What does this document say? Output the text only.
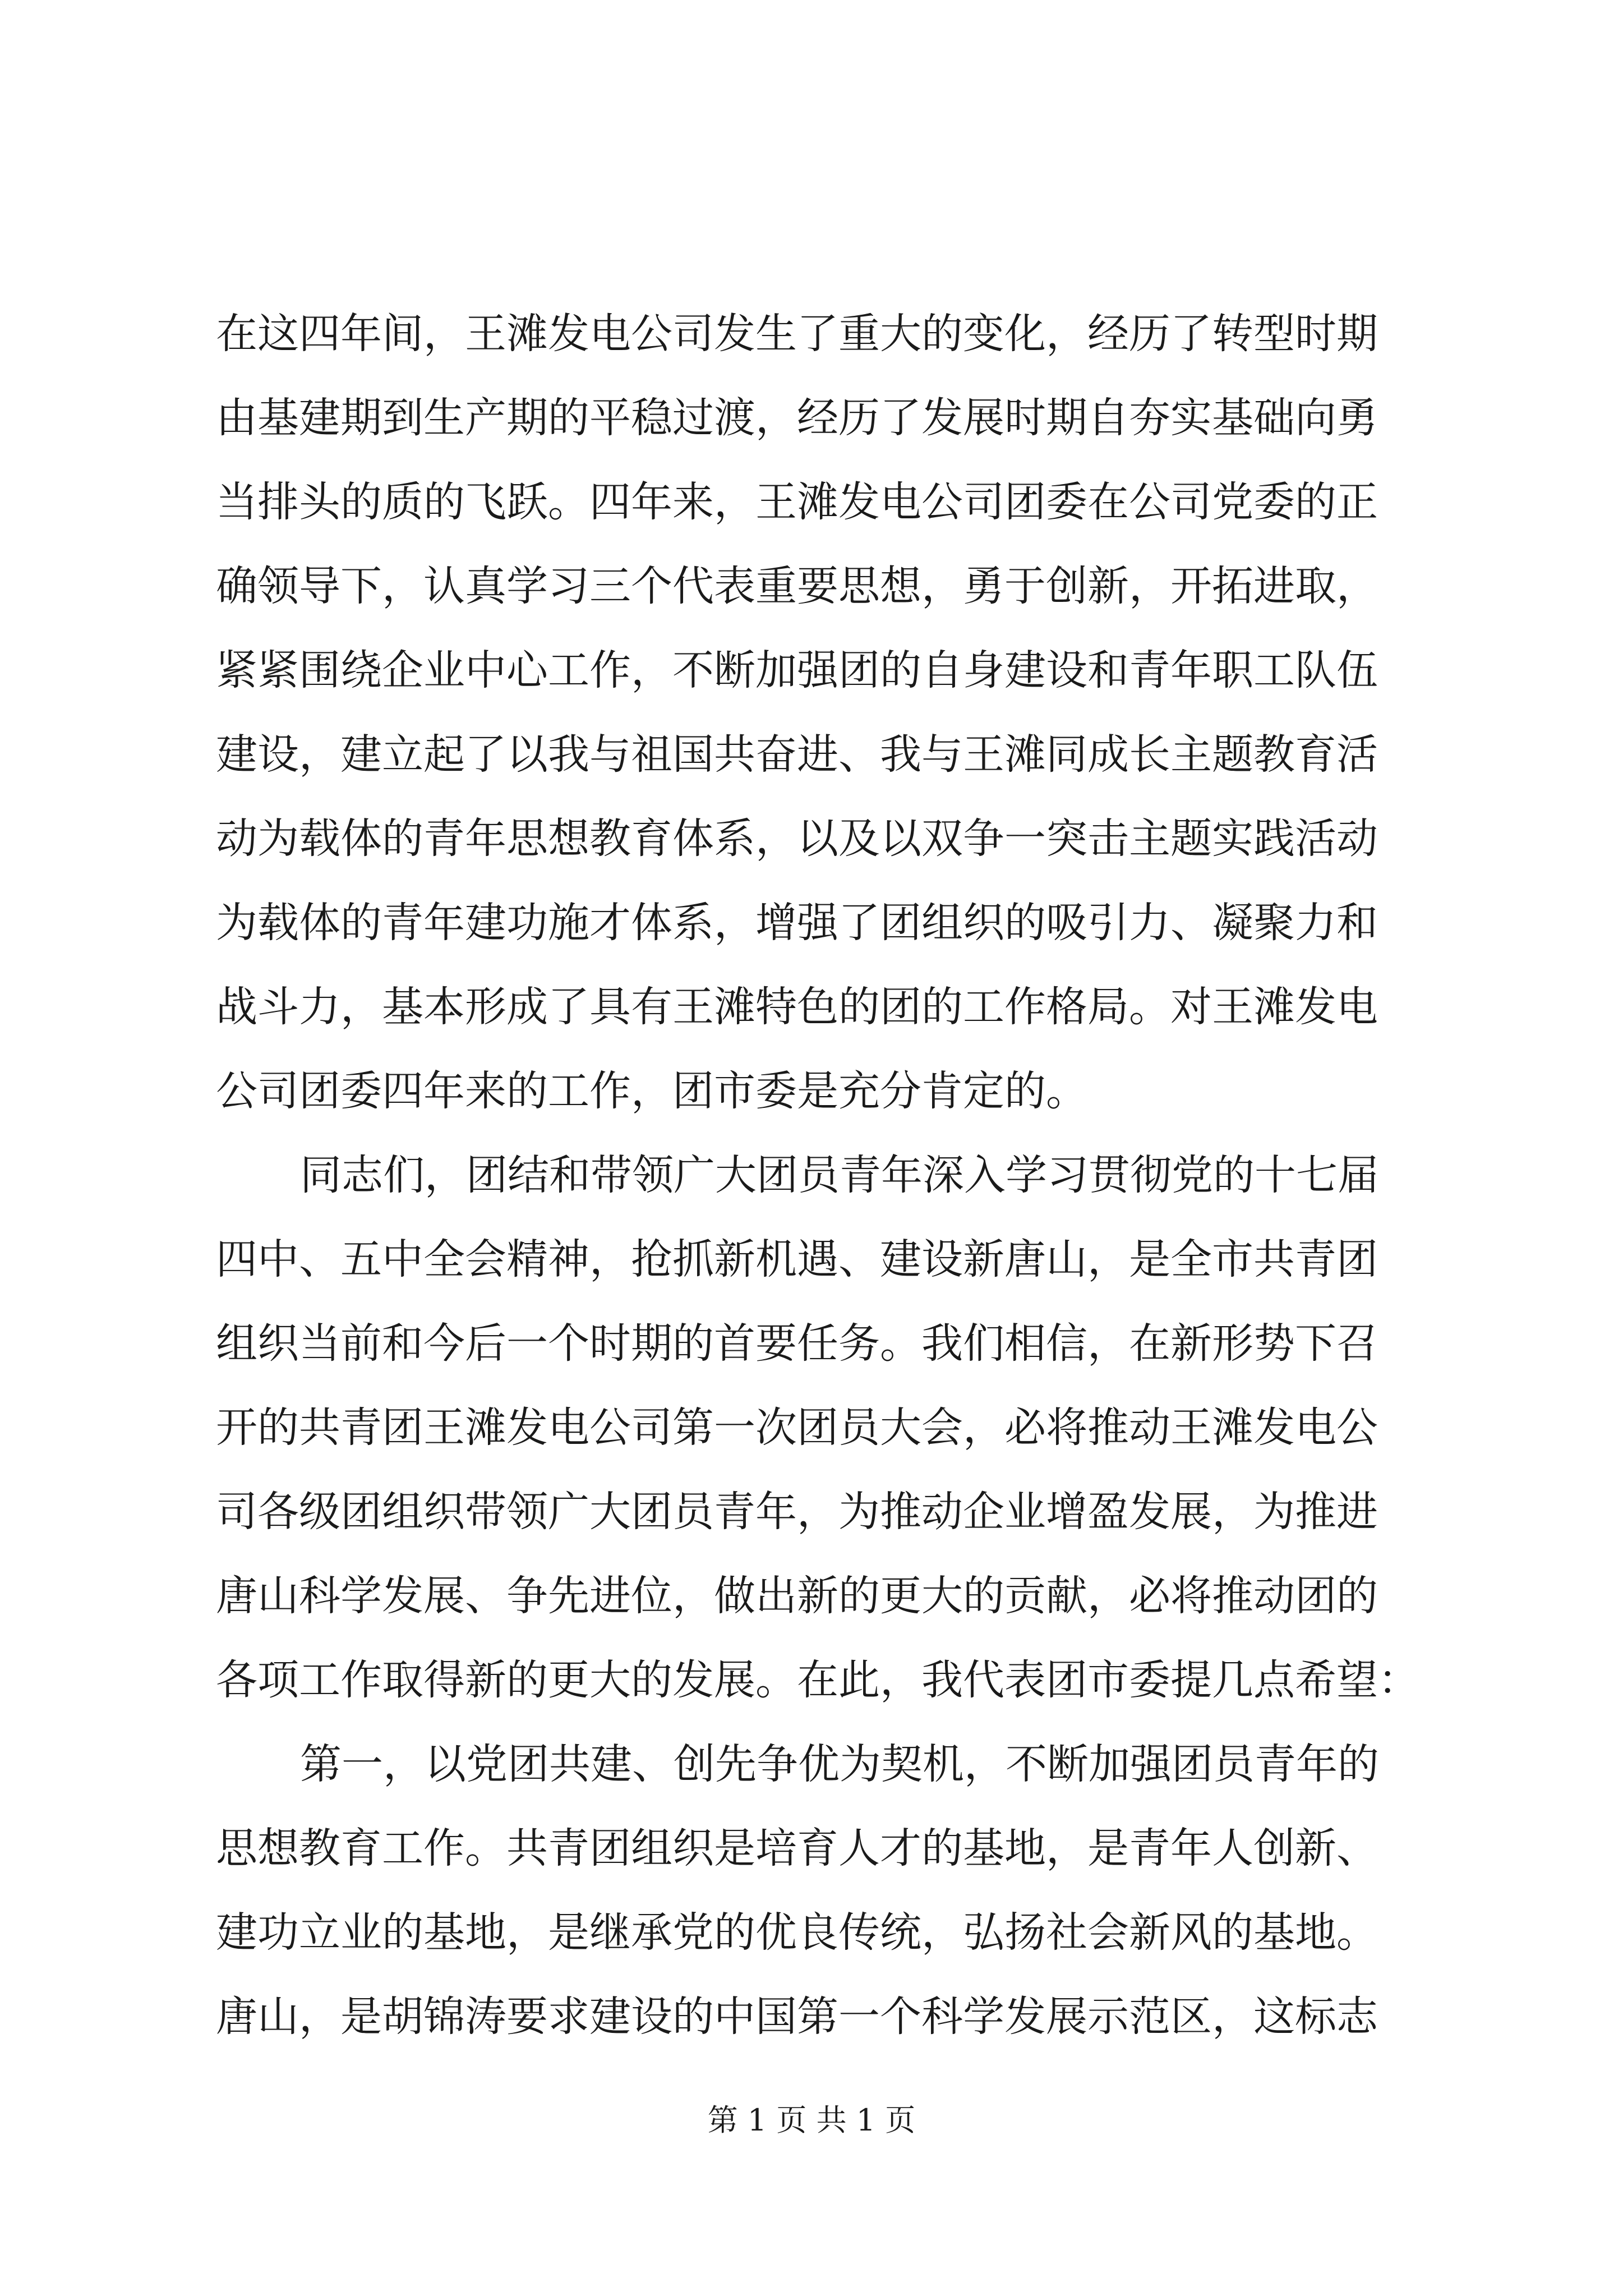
在这四年间，王滩发电公司发生了重大的变化，经历了转型时期
由基建期到生产期的平稳过渡，经历了发展时期自夯实基础向勇
当排头的质的飞跃。四年来，王滩发电公司团委在公司党委的正
确领导下，认真学习三个代表重要思想，勇于创新，开拓进取，
紧紧围绕企业中心工作，不断加强团的自身建设和青年职工队伍
建设，建立起了以我与祖国共奋进、我与王滩同成长主题教育活
动为载体的青年思想教育体系，以及以双争一突击主题实践活动
为载体的青年建功施才体系，增强了团组织的吸引力、凝聚力和
战斗力，基本形成了具有王滩特色的团的工作格局。对王滩发电
公司团委四年来的工作，团市委是充分肯定的。
同志们，团结和带领广大团员青年深入学习贯彻党的十七届
四中、五中全会精神，抢抓新机遇、建设新唐山，是全市共青团
组织当前和今后一个时期的首要任务。我们相信，在新形势下召
开的共青团王滩发电公司第一次团员大会，必将推动王滩发电公
司各级团组织带领广大团员青年，为推动企业增盈发展，为推进
唐山科学发展、争先进位，做出新的更大的贡献，必将推动团的
各项工作取得新的更大的发展。在此，我代表团市委提几点希望：
第一，以党团共建、创先争优为契机，不断加强团员青年的
思想教育工作。共青团组织是培育人才的基地，是青年人创新、
建功立业的基地，是继承党的优良传统，弘扬社会新风的基地。
唐山，是胡锦涛要求建设的中国第一个科学发展示范区，这标志
第 1 页 共 1 页
